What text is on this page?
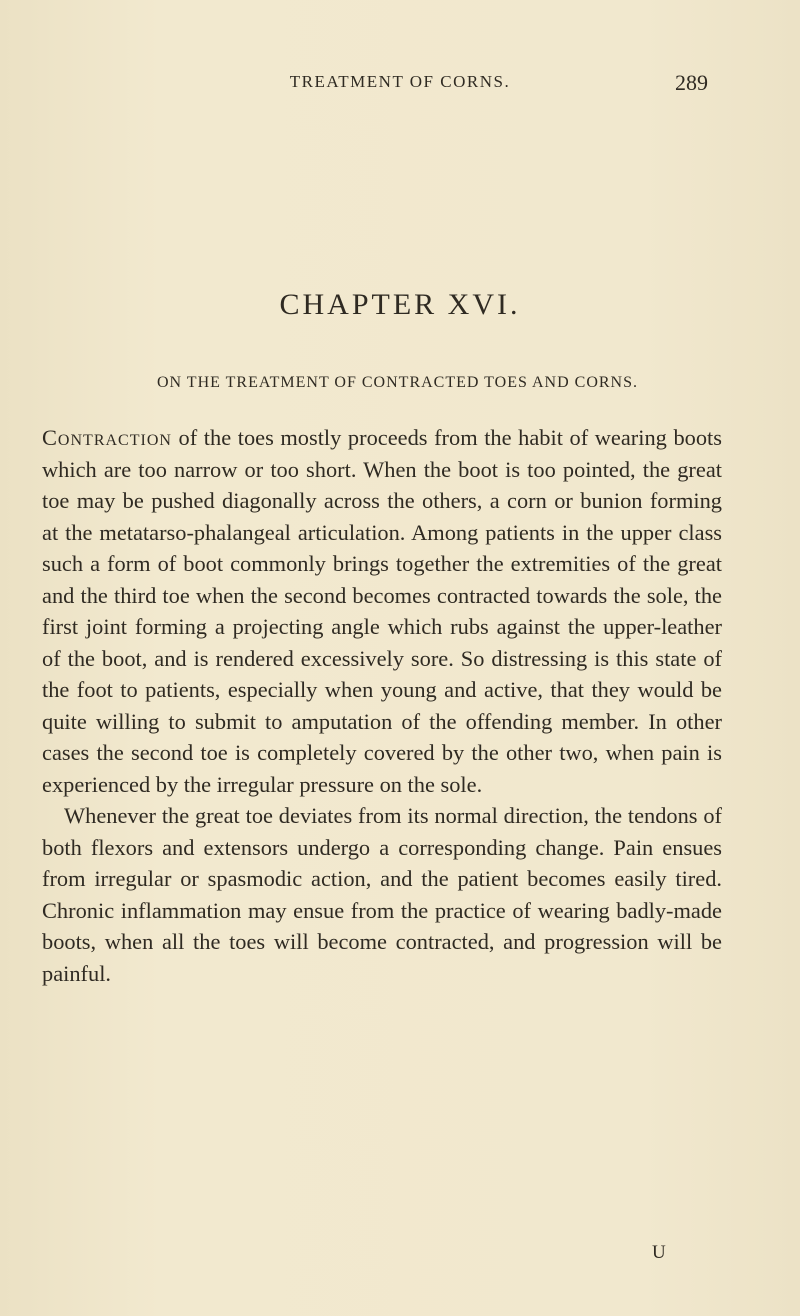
TREATMENT OF CORNS.	289
CHAPTER XVI.
ON THE TREATMENT OF CONTRACTED TOES AND CORNS.

Contraction of the toes mostly proceeds from the habit of wearing boots which are too narrow or too short. When the boot is too pointed, the great toe may be pushed diagonally across the others, a corn or bunion forming at the metatarso-phalangeal articulation. Among patients in the upper class such a form of boot commonly brings together the extremities of the great and the third toe when the second becomes contracted towards the sole, the first joint forming a projecting angle which rubs against the upper-leather of the boot, and is rendered excessively sore. So distressing is this state of the foot to patients, especially when young and active, that they would be quite willing to submit to amputation of the offending member. In other cases the second toe is completely covered by the other two, when pain is experienced by the irregular pressure on the sole.

Whenever the great toe deviates from its normal direction, the tendons of both flexors and extensors undergo a corresponding change. Pain ensues from irregular or spasmodic action, and the patient becomes easily tired. Chronic inflammation may ensue from the practice of wearing badly-made boots, when all the toes will become contracted, and progression will be painful.

U
